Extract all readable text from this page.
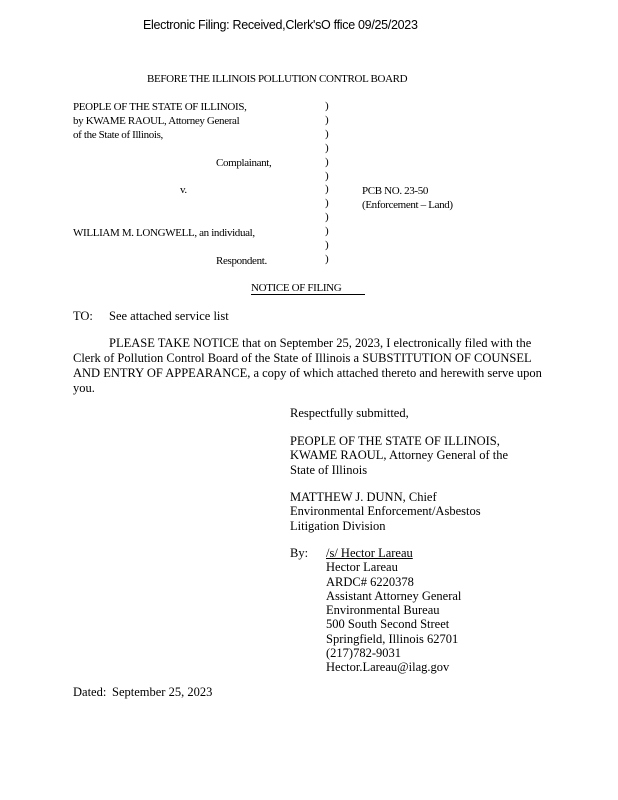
Electronic Filing: Received,Clerk'sO ffice 09/25/2023
BEFORE THE ILLINOIS POLLUTION CONTROL BOARD
PEOPLE OF THE STATE OF ILLINOIS,
by KWAME RAOUL, Attorney General
of the State of Illinois,
Complainant,
v.
WILLIAM M. LONGWELL, an individual,
Respondent.
)
)
)
)
)
)
)
)
)
)
)
)
PCB NO. 23-50
(Enforcement – Land)
NOTICE OF FILING
TO: See attached service list
PLEASE TAKE NOTICE that on September 25, 2023, I electronically filed with the Clerk of Pollution Control Board of the State of Illinois a SUBSTITUTION OF COUNSEL AND ENTRY OF APPEARANCE, a copy of which attached thereto and herewith serve upon you.
Respectfully submitted,
PEOPLE OF THE STATE OF ILLINOIS,
KWAME RAOUL, Attorney General of the
State of Illinois
MATTHEW J. DUNN, Chief
Environmental Enforcement/Asbestos
Litigation Division
By: /s/ Hector Lareau
Hector Lareau
ARDC# 6220378
Assistant Attorney General
Environmental Bureau
500 South Second Street
Springfield, Illinois 62701
(217)782-9031
Hector.Lareau@ilag.gov
Dated: September 25, 2023
